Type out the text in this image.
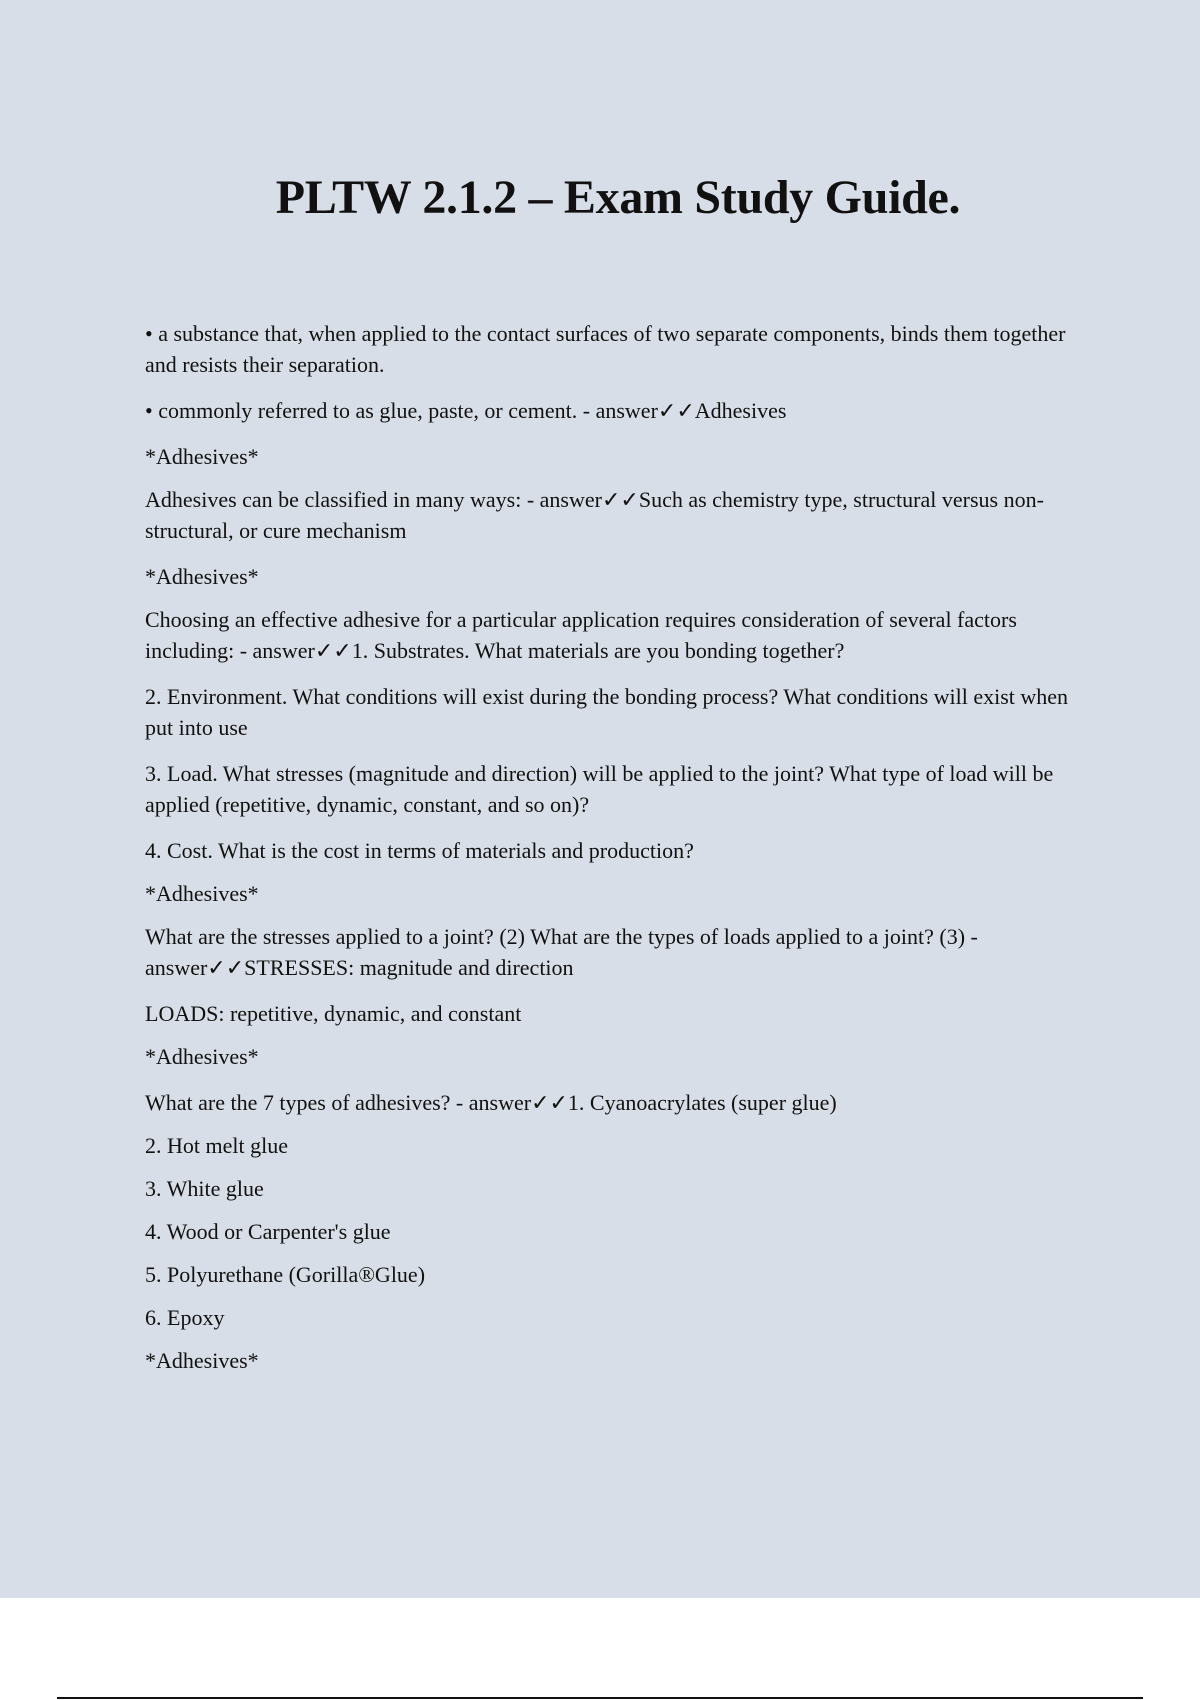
PLTW 2.1.2 – Exam Study Guide.

• a substance that, when applied to the contact surfaces of two separate components, binds them together and resists their separation.

• commonly referred to as glue, paste, or cement. - answer✓✓Adhesives

*Adhesives*

Adhesives can be classified in many ways: - answer✓✓Such as chemistry type, structural versus non-structural, or cure mechanism

*Adhesives*

Choosing an effective adhesive for a particular application requires consideration of several factors including: - answer✓✓1. Substrates. What materials are you bonding together?

2. Environment. What conditions will exist during the bonding process? What conditions will exist when put into use

3. Load. What stresses (magnitude and direction) will be applied to the joint? What type of load will be applied (repetitive, dynamic, constant, and so on)?

4. Cost. What is the cost in terms of materials and production?

*Adhesives*

What are the stresses applied to a joint? (2) What are the types of loads applied to a joint? (3) - answer✓✓STRESSES: magnitude and direction

LOADS: repetitive, dynamic, and constant

*Adhesives*

What are the 7 types of adhesives? - answer✓✓1. Cyanoacrylates (super glue)

2. Hot melt glue

3. White glue

4. Wood or Carpenter's glue

5. Polyurethane (Gorilla®Glue)

6. Epoxy

*Adhesives*
